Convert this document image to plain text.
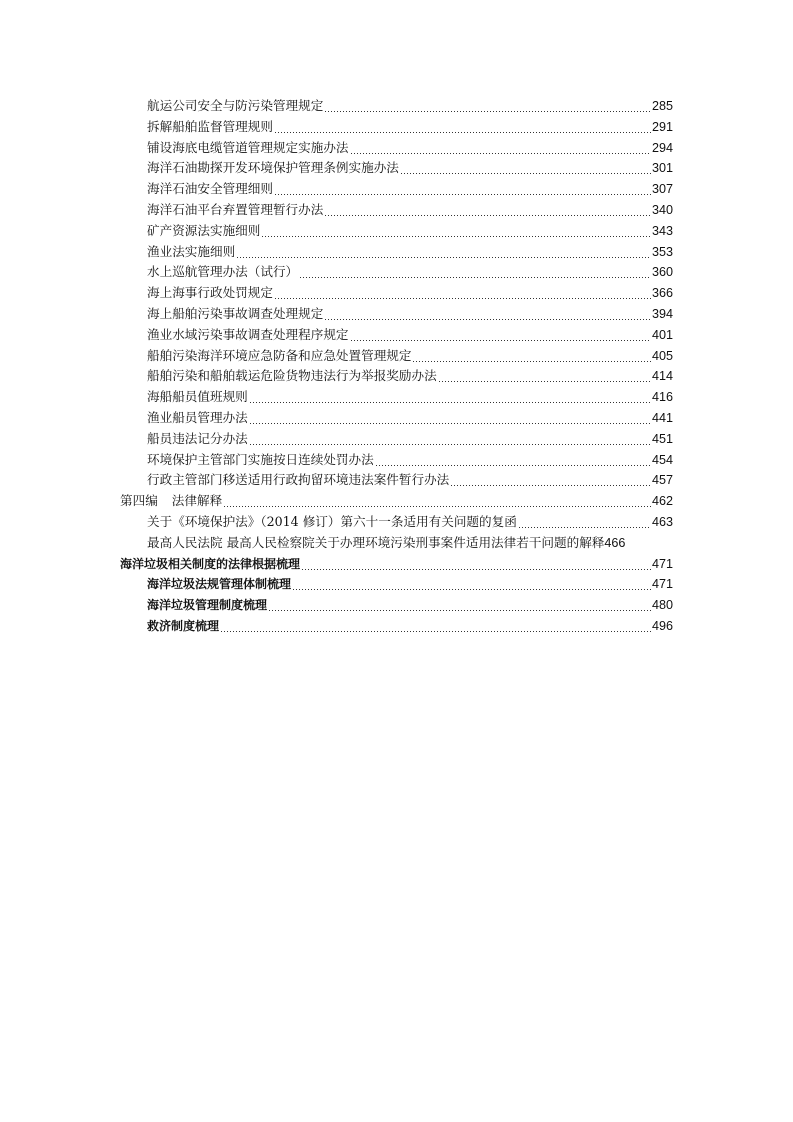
航运公司安全与防污染管理规定	285
拆解船舶监督管理规则	291
铺设海底电缆管道管理规定实施办法	294
海洋石油勘探开发环境保护管理条例实施办法	301
海洋石油安全管理细则	307
海洋石油平台弃置管理暂行办法	340
矿产资源法实施细则	343
渔业法实施细则	353
水上巡航管理办法（试行）	360
海上海事行政处罚规定	366
海上船舶污染事故调查处理规定	394
渔业水域污染事故调查处理程序规定	401
船舶污染海洋环境应急防备和应急处置管理规定	405
船舶污染和船舶载运危险货物违法行为举报奖励办法	414
海船船员值班规则	416
渔业船员管理办法	441
船员违法记分办法	451
环境保护主管部门实施按日连续处罚办法	454
行政主管部门移送适用行政拘留环境违法案件暂行办法	457
第四编 法律解释	462
关于《环境保护法》（2014 修订）第六十一条适用有关问题的复函	463
最高人民法院 最高人民检察院关于办理环境污染刑事案件适用法律若干问题的解释 466
海洋垃圾相关制度的法律根据梳理	471
海洋垃圾法规管理体制梳理	471
海洋垃圾管理制度梳理	480
救济制度梳理	496
